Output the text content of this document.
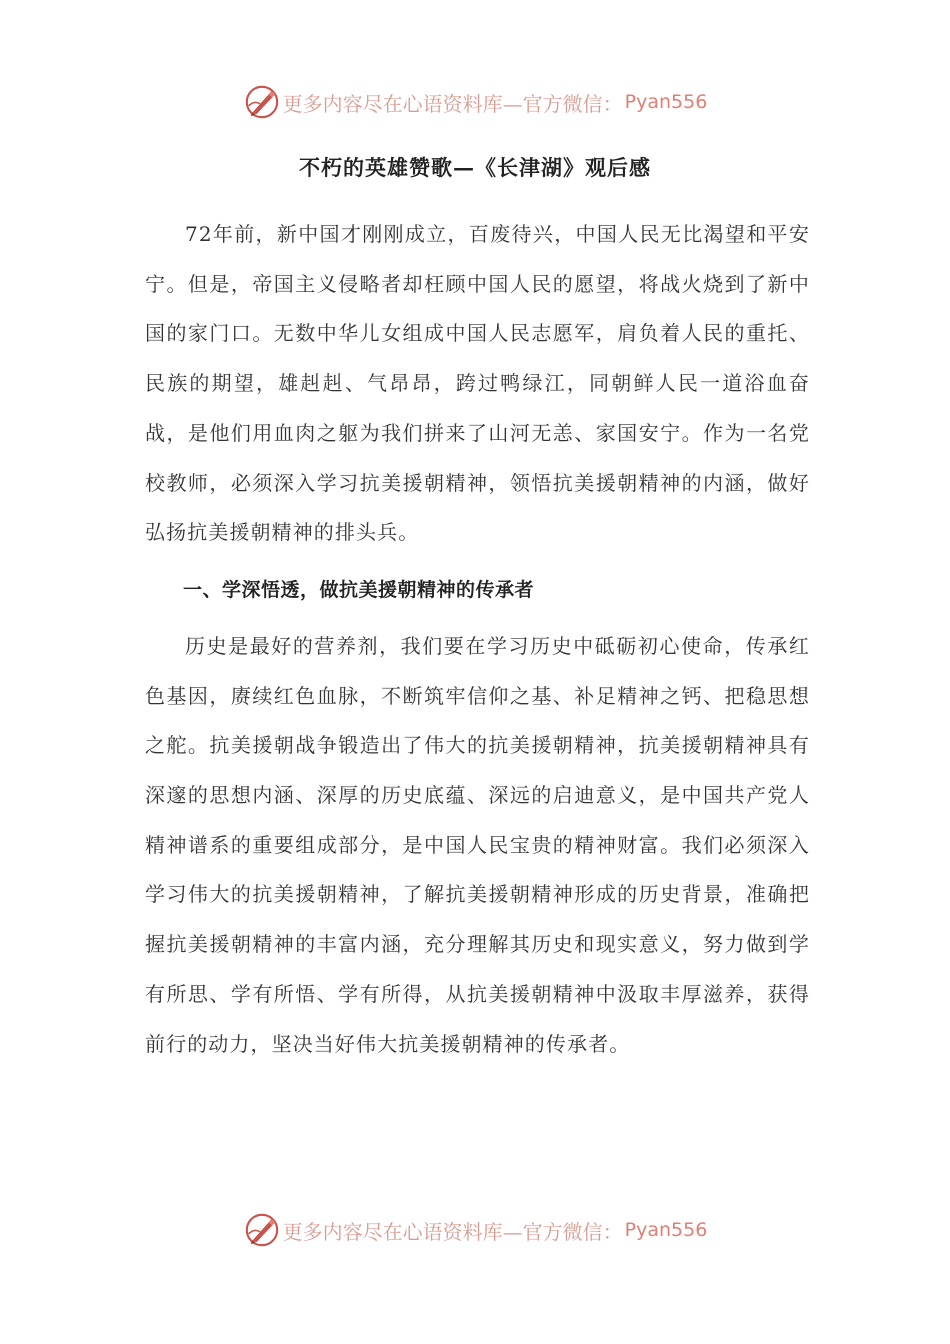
更多内容尽在心语资料库—官方微信： Pyan556
不朽的英雄赞歌—《长津湖》观后感

72年前，新中国才刚刚成立，百废待兴，中国人民无比渴望和平安宁。但是，帝国主义侵略者却枉顾中国人民的愿望，将战火烧到了新中国的家门口。无数中华儿女组成中国人民志愿军，肩负着人民的重托、民族的期望，雄赳赳、气昂昂，跨过鸭绿江，同朝鲜人民一道浴血奋战，是他们用血肉之躯为我们拼来了山河无恙、家国安宁。作为一名党校教师，必须深入学习抗美援朝精神，领悟抗美援朝精神的内涵，做好弘扬抗美援朝精神的排头兵。

一、学深悟透，做抗美援朝精神的传承者

历史是最好的营养剂，我们要在学习历史中砥砺初心使命，传承红色基因，赓续红色血脉，不断筑牢信仰之基、补足精神之钙、把稳思想之舵。抗美援朝战争锻造出了伟大的抗美援朝精神，抗美援朝精神具有深邃的思想内涵、深厚的历史底蕴、深远的启迪意义，是中国共产党人精神谱系的重要组成部分，是中国人民宝贵的精神财富。我们必须深入学习伟大的抗美援朝精神，了解抗美援朝精神形成的历史背景，准确把握抗美援朝精神的丰富内涵，充分理解其历史和现实意义，努力做到学有所思、学有所悟、学有所得，从抗美援朝精神中汲取丰厚滋养，获得前行的动力，坚决当好伟大抗美援朝精神的传承者。

更多内容尽在心语资料库—官方微信： Pyan556
